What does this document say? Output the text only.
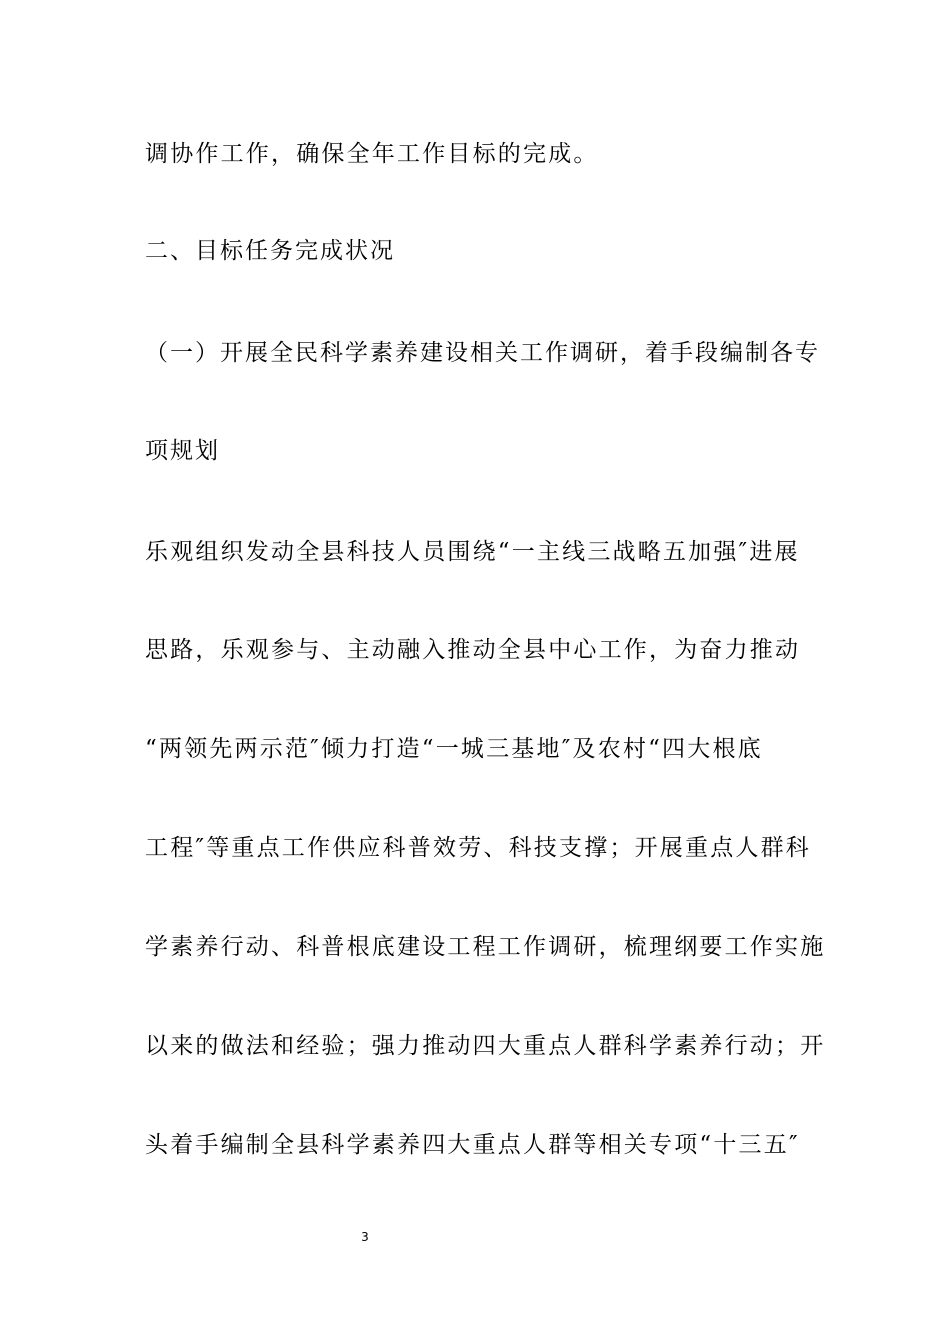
调协作工作，确保全年工作目标的完成。
二、目标任务完成状况
（一）开展全民科学素养建设相关工作调研，着手段编制各专
项规划
乐观组织发动全县科技人员围绕“一主线三战略五加强″进展
思路，乐观参与、主动融入推动全县中心工作，为奋力推动
“两领先两示范″倾力打造“一城三基地″及农村“四大根底
工程″等重点工作供应科普效劳、科技支撑；开展重点人群科
学素养行动、科普根底建设工程工作调研，梳理纲要工作实施
以来的做法和经验；强力推动四大重点人群科学素养行动；开
头着手编制全县科学素养四大重点人群等相关专项“十三五″
3
